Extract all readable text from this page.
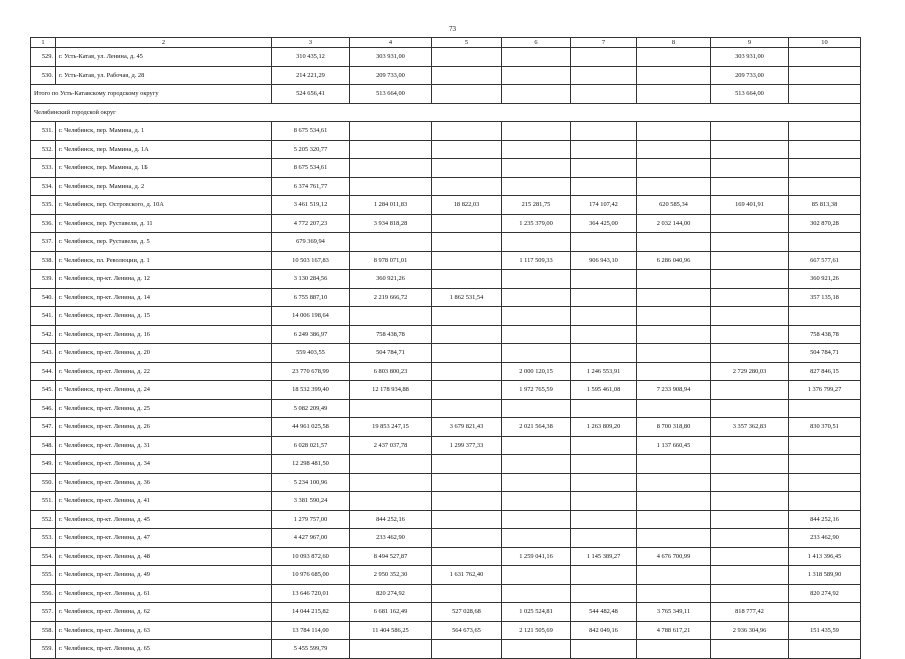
73
1	2	3	4	5	6	7	8	9	10
529.	г. Усть-Катав, ул. Ленина, д. 45	310 435,12	303 931,00					303 931,00	
530.	г. Усть-Катав, ул. Рабочая, д. 28	214 221,29	209 733,00					209 733,00	
Итого по Усть-Катавскому городскому округу		524 656,41	513 664,00					513 664,00	
Челябинский городской округ									
531.	г. Челябинск, пер. Мамина, д. 1	8 675 534,61							
532.	г. Челябинск, пер. Мамина, д. 1А	5 205 320,77							
533.	г. Челябинск, пер. Мамина, д. 1Б	8 675 534,61							
534.	г. Челябинск, пер. Мамина, д. 2	6 374 761,77							
535.	г. Челябинск, пер. Островского, д. 10А	3 461 519,12	1 284 011,83	18 822,03	215 281,75	174 107,42	620 585,34	169 401,91	85 813,38
536.	г. Челябинск, пер. Руставели, д. 11	4 772 207,23	3 934 818,28		1 235 379,00	364 425,00	2 032 144,00		302 870,28
537.	г. Челябинск, пер. Руставели, д. 5	679 369,94							
538.	г. Челябинск, пл. Революции, д. 1	10 503 167,83	8 978 071,01		1 117 509,33	906 943,10	6 286 040,96		667 577,61
539.	г. Челябинск, пр-кт. Ленина, д. 12	3 130 284,56	360 921,26						360 921,26
540.	г. Челябинск, пр-кт. Ленина, д. 14	6 755 887,10	2 219 666,72	1 862 531,54					357 135,18
541.	г. Челябинск, пр-кт. Ленина, д. 15	14 006 198,64							
542.	г. Челябинск, пр-кт. Ленина, д. 16	6 249 386,97	758 438,78						758 438,78
543.	г. Челябинск, пр-кт. Ленина, д. 20	559 403,55	504 784,71						504 784,71
544.	г. Челябинск, пр-кт. Ленина, д. 22	23 770 678,99	6 803 800,23		2 000 120,15	1 246 553,91		2 729 280,03	827 846,15
545.	г. Челябинск, пр-кт. Ленина, д. 24	18 532 399,40	12 178 934,88		1 972 765,59	1 595 461,08	7 233 908,94		1 376 799,27
546.	г. Челябинск, пр-кт. Ленина, д. 25	5 082 209,49							
547.	г. Челябинск, пр-кт. Ленина, д. 26	44 961 025,58	19 853 247,15	3 679 821,43	2 021 564,38	1 263 809,20	8 700 318,80	3 357 362,83	830 370,51
548.	г. Челябинск, пр-кт. Ленина, д. 31	6 028 021,57	2 437 037,78	1 299 377,33			1 137 660,45		
549.	г. Челябинск, пр-кт. Ленина, д. 34	12 298 481,50							
550.	г. Челябинск, пр-кт. Ленина, д. 36	5 234 100,96							
551.	г. Челябинск, пр-кт. Ленина, д. 41	3 381 590,24							
552.	г. Челябинск, пр-кт. Ленина, д. 45	1 279 757,00	844 252,16						844 252,16
553.	г. Челябинск, пр-кт. Ленина, д. 47	4 427 967,00	233 462,90						233 462,90
554.	г. Челябинск, пр-кт. Ленина, д. 48	10 093 872,60	8 494 527,87		1 259 041,16	1 145 389,27	4 676 700,99		1 413 396,45
555.	г. Челябинск, пр-кт. Ленина, д. 49	10 976 685,00	2 950 352,30	1 631 762,40					1 318 589,90
556.	г. Челябинск, пр-кт. Ленина, д. 61	13 646 720,01	820 274,92						820 274,92
557.	г. Челябинск, пр-кт. Ленина, д. 62	14 044 215,82	6 681 162,49	527 028,68	1 025 524,81	544 482,48	3 765 349,11	818 777,42	
558.	г. Челябинск, пр-кт. Ленина, д. 63	13 784 114,00	11 404 586,25	564 673,65	2 121 505,69	842 049,16	4 788 617,21	2 936 304,96	151 435,59
559.	г. Челябинск, пр-кт. Ленина, д. 65	5 455 599,79							
